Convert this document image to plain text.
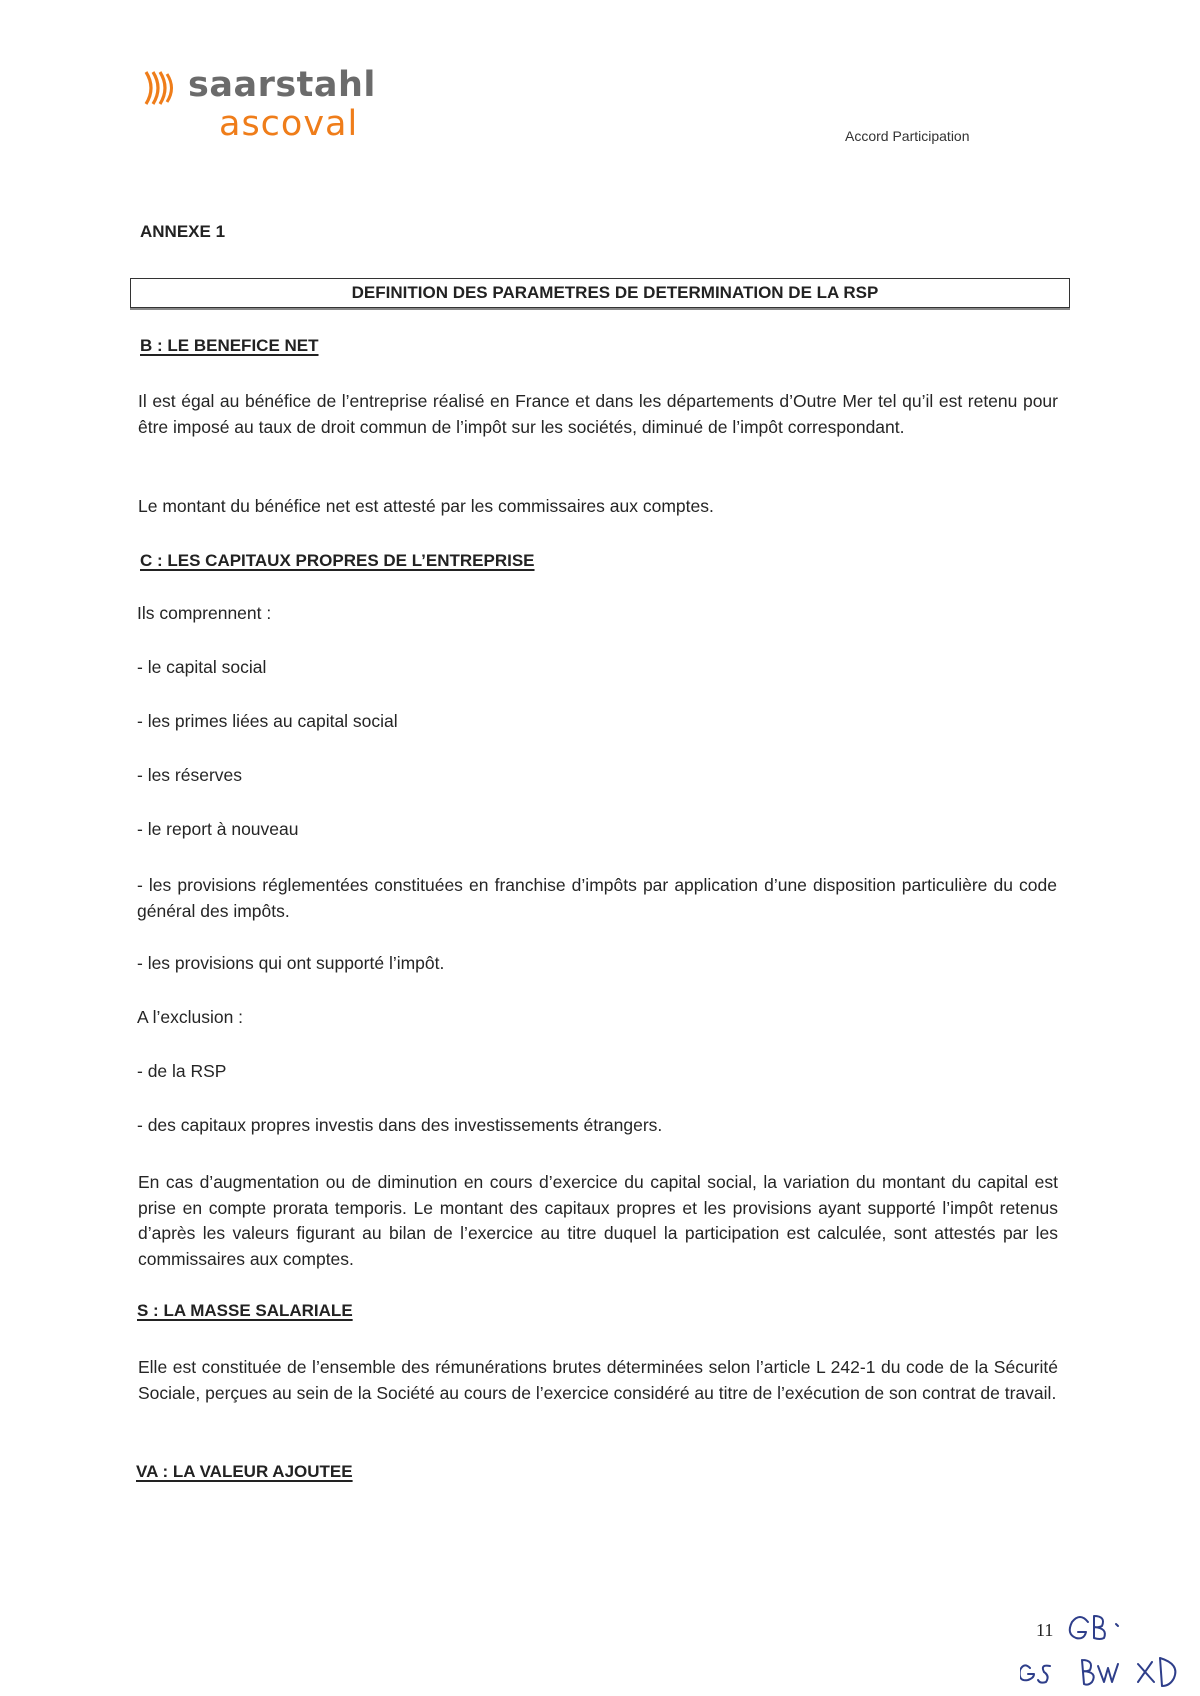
saarstahl
ascoval	Accord Participation
ANNEXE 1
DEFINITION DES PARAMETRES DE DETERMINATION DE LA RSP
B : LE BENEFICE NET
Il est égal au bénéfice de l’entreprise réalisé en France et dans les départements d’Outre Mer tel qu’il est retenu pour être imposé au taux de droit commun de l’impôt sur les sociétés, diminué de l’impôt correspondant.
Le montant du bénéfice net est attesté par les commissaires aux comptes.
C : LES CAPITAUX PROPRES DE L’ENTREPRISE
Ils comprennent :
- le capital social
- les primes liées au capital social
- les réserves
- le report à nouveau
- les provisions réglementées constituées en franchise d’impôts par application d’une disposition particulière du code général des impôts.
- les provisions qui ont supporté l’impôt.
A l’exclusion :
- de la RSP
- des capitaux propres investis dans des investissements étrangers.
En cas d’augmentation ou de diminution en cours d’exercice du capital social, la variation du montant du capital est prise en compte prorata temporis. Le montant des capitaux propres et les provisions ayant supporté l’impôt retenus d’après les valeurs figurant au bilan de l’exercice au titre duquel la participation est calculée, sont attestés par les commissaires aux comptes.
S : LA MASSE SALARIALE
Elle est constituée de l’ensemble des rémunérations brutes déterminées selon l’article L 242-1 du code de la Sécurité Sociale, perçues au sein de la Société au cours de l’exercice considéré au titre de l’exécution de son contrat de travail.
VA : LA VALEUR AJOUTEE
11
